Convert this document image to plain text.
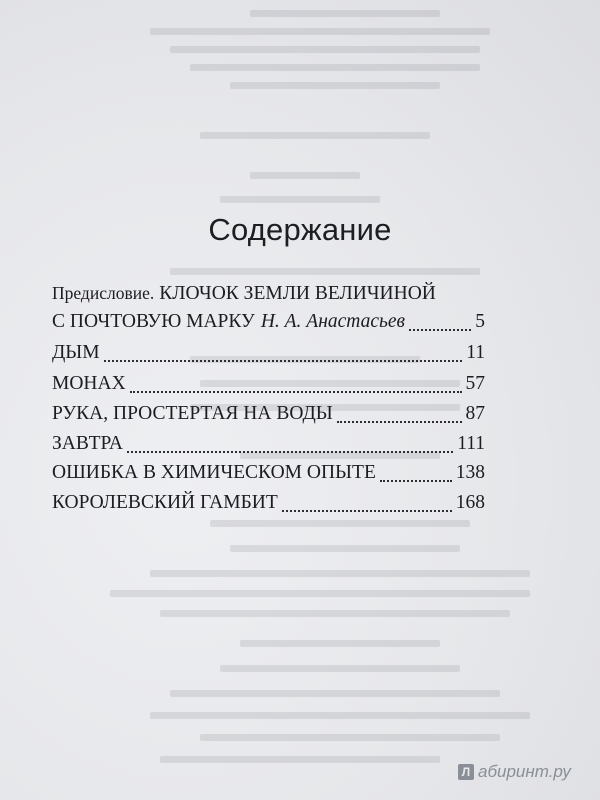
Содержание
Предисловие. КЛОЧОК ЗЕМЛИ ВЕЛИЧИНОЙ
С ПОЧТОВУЮ МАРКУ Н. А. Анастасьев	5
ДЫМ	11
МОНАХ	57
РУКА, ПРОСТЕРТАЯ НА ВОДЫ	87
ЗАВТРА	111
ОШИБКА В ХИМИЧЕСКОМ ОПЫТЕ	138
КОРОЛЕВСКИЙ ГАМБИТ	168
Л абиринт.ру
